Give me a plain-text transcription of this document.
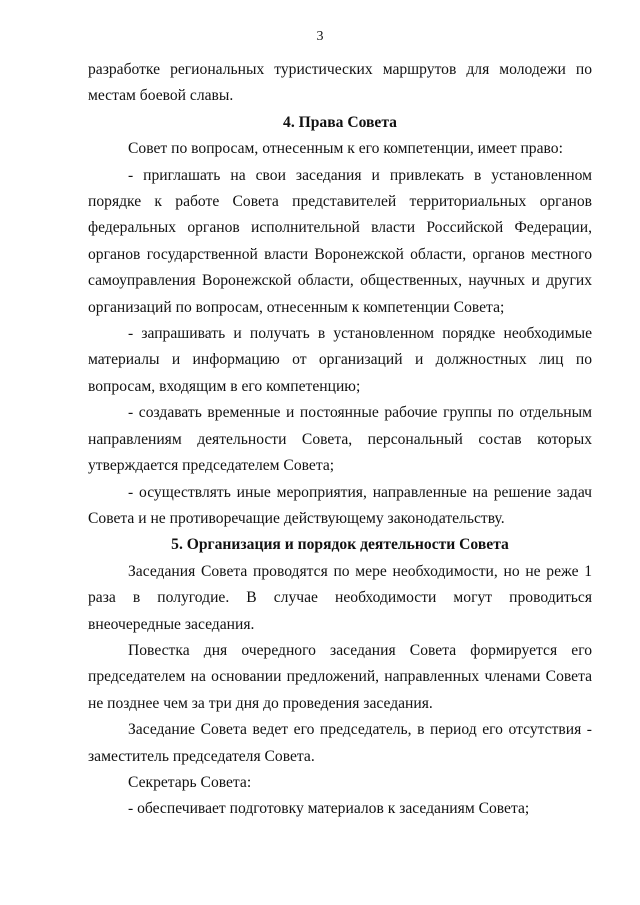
3

разработке региональных туристических маршрутов для молодежи по местам боевой славы.

4. Права Совета

Совет по вопросам, отнесенным к его компетенции, имеет право:

- приглашать на свои заседания и привлекать в установленном порядке к работе Совета представителей территориальных органов федеральных органов исполнительной власти Российской Федерации, органов государственной власти Воронежской области, органов местного самоуправления Воронежской области, общественных, научных и других организаций по вопросам, отнесенным к компетенции Совета;

- запрашивать и получать в установленном порядке необходимые материалы и информацию от организаций и должностных лиц по вопросам, входящим в его компетенцию;

- создавать временные и постоянные рабочие группы по отдельным направлениям деятельности Совета, персональный состав которых утверждается председателем Совета;

- осуществлять иные мероприятия, направленные на решение задач Совета и не противоречащие действующему законодательству.

5. Организация и порядок деятельности Совета

Заседания Совета проводятся по мере необходимости, но не реже 1 раза в полугодие. В случае необходимости могут проводиться внеочередные заседания.

Повестка дня очередного заседания Совета формируется его председателем на основании предложений, направленных членами Совета не позднее чем за три дня до проведения заседания.

Заседание Совета ведет его председатель, в период его отсутствия - заместитель председателя Совета.

Секретарь Совета:

- обеспечивает подготовку материалов к заседаниям Совета;
